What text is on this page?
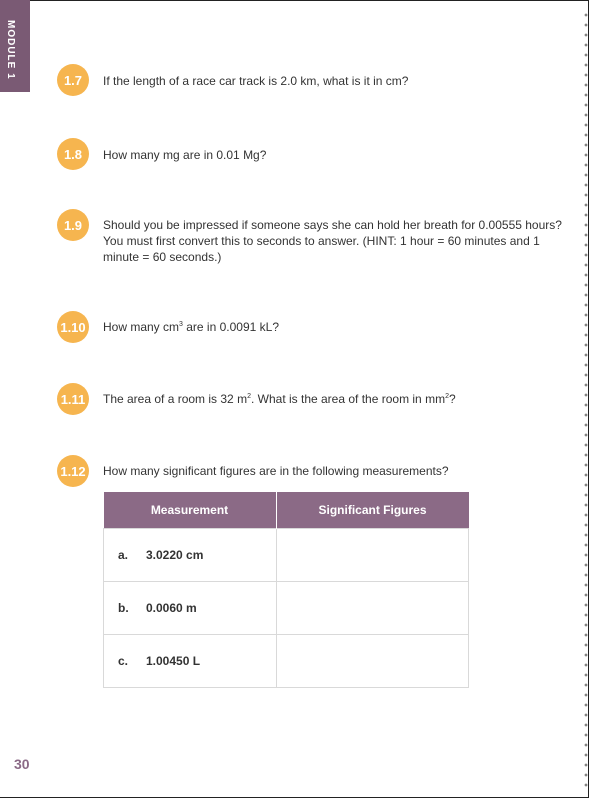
MODULE 1
1.7	If the length of a race car track is 2.0 km, what is it in cm?
1.8	How many mg are in 0.01 Mg?
1.9	Should you be impressed if someone says she can hold her breath for 0.00555 hours?
You must first convert this to seconds to answer. (HINT: 1 hour = 60 minutes and 1
minute = 60 seconds.)
1.10 How many $cm^3$ are in 0.0091 kL?
1.11	The area of a room is 32 $m^2$. What is the area of the room in $mm^2$?
1.12 How many significant figures are in the following measurements?
Measurement	Significant Figures
a. 3.0220 cm	
b. 0.0060 m	
c. 1.00450 L	
30
